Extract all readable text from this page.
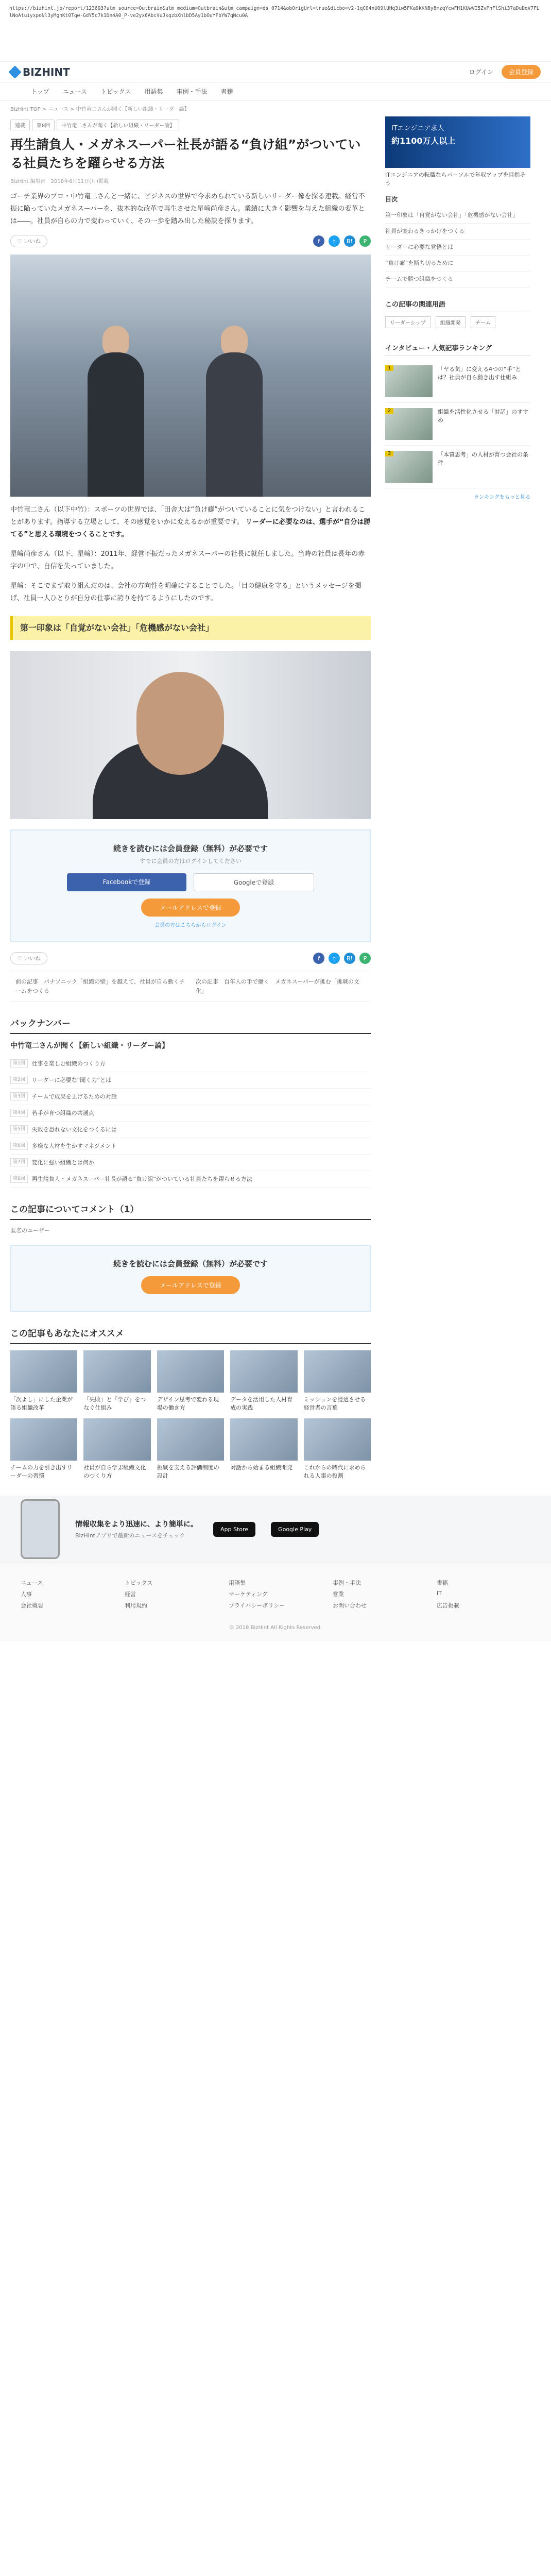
https://bizhint.jp/report/123693?utm_source=Outbrain&utm_medium=Outbrain&utm_campaign=ds_0714&obOrigUrl=true&dicbo=v2-1qC04nU09lUHq3iw5FKa9kKN8y8mzqYcwFH1KUwVI5ZvPhFlShi37aDuDqV7FLlNoAtuiyxpoNl3yMgnKt0Tqw-GdY5c7k1Dn4A0_P-ve2yx6AbcVuJkqzbXhlbD5Ay1bOuYFbYW7qNcu0A
BIZHINT	ログイン	会員登録
トップ ニュース トピックス 用語集 事例・手法 書籍
BizHint TOP > ニュース > 中竹竜二さんが聞く【新しい組織・リーダー論】
連載	第8回	中竹竜二さんが聞く【新しい組織・リーダー論】
再生請負人・メガネスーパー社長が語る“負け組”がついている社員たちを躍らせる方法
BizHint 編集部　2018年6月11日(月)掲載
ゴーチ業界のプロ・中竹竜二さんと一緒に、ビジネスの世界で今求められている新しいリーダー像を探る連載。経営不振に陥っていたメガネスーパーを、抜本的な改革で再生させた星﨑尚彦さん。業績に大きく影響を与えた組織の変革とは――。社員が自らの力で変わっていく、その一歩を踏み出した秘訣を探ります。
♡ いいね	f	t	B!	P
中竹竜二さん（以下中竹）：スポーツの世界では、「田舎大は“負け癖”がついていることに気をつけない」と言われることがあります。指導する立場として、その感覚をいかに変えるかが重要です。 リーダーに必要なのは、選手が“自分は勝てる”と思える環境をつくることです。
星﨑尚彦さん（以下、星﨑）：2011年、経営不振だったメガネスーパーの社長に就任しました。当時の社員は長年の赤字の中で、自信を失っていました。
星﨑：そこでまず取り組んだのは、会社の方向性を明確にすることでした。「目の健康を守る」というメッセージを掲げ、社員一人ひとりが自分の仕事に誇りを持てるようにしたのです。
第一印象は「自覚がない会社」「危機感がない会社」
続きを読むには会員登録（無料）が必要です
すでに会員の方はログインしてください
Facebookで登録	Googleで登録
メールアドレスで登録
会員の方はこちらからログイン
♡ いいね	f	t	B!	P
前の記事　パナソニック「組織の壁」を越えて、社員が自ら動くチームをつくる
次の記事　百年人の手で働く　メガネスーパーが挑む「挑戦の文化」
バックナンバー
中竹竜二さんが聞く【新しい組織・リーダー論】
第1回	仕事を楽しむ組織のつくり方
第2回	リーダーに必要な“聞く力”とは
第3回	チームで成果を上げるための対話
第4回	若手が育つ組織の共通点
第5回	失敗を恐れない文化をつくるには
第6回	多様な人材を生かすマネジメント
第7回	変化に強い組織とは何か
第8回	再生請負人・メガネスーパー社長が語る“負け組”がついている社員たちを躍らせる方法
この記事についてコメント（1）
匿名のユーザー
続きを読むには会員登録（無料）が必要です
メールアドレスで登録
この記事もあなたにオススメ
「次よし」にした企業が語る組織改革
「失敗」と「学び」をつなぐ仕組み
デザイン思考で変わる現場の働き方
データを活用した人材育成の実践
ミッションを浸透させる経営者の言葉
チームの力を引き出すリーダーの習慣
社員が自ら学ぶ組織文化のつくり方
挑戦を支える評価制度の設計
対話から始まる組織開発	これからの時代に求められる人事の役割
ITエンジニア求人
約1100万人以上
ITエンジニアの転職ならパーソルで年収アップを目指そう
目次
第一印象は「自覚がない会社」「危機感がない会社」
社員が変わるきっかけをつくる
リーダーに必要な覚悟とは
“負け癖”を断ち切るために
チームで勝つ組織をつくる
この記事の関連用語
リーダーシップ	組織開発	チーム
インタビュー・人気記事ランキング
1	「ヤる気」に変える4つの“手”とは？社員が自ら動き出す仕組み
2	組織を活性化させる「対話」のすすめ
3	「本質思考」の人材が育つ会社の条件
ランキングをもっと見る
情報収集をより迅速に、より簡単に。
BizHintアプリで最新のニュースをチェック
App Store	Google Play
ニュース	トピックス	用語集	事例・手法	書籍
人事	経営	マーケティング	営業	IT
会社概要	利用規約	プライバシーポリシー	お問い合わせ	広告掲載
© 2018 BizHint All Rights Reserved.
